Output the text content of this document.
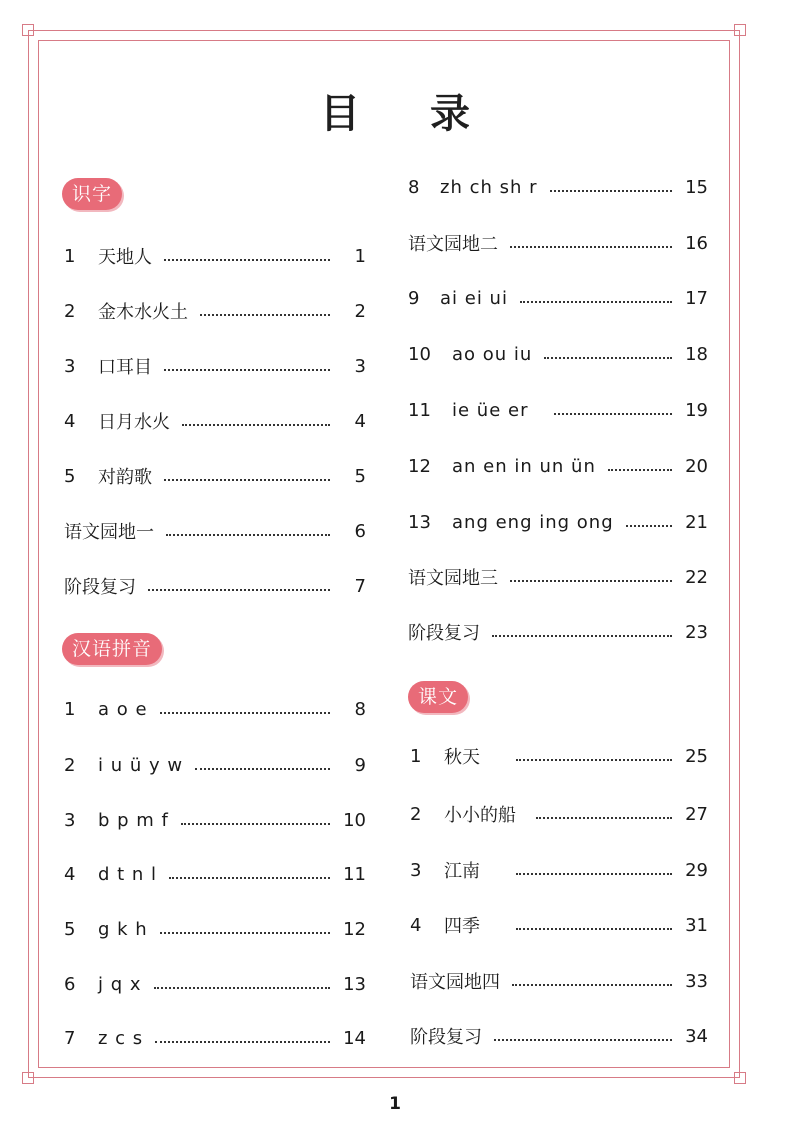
目 录
识字
1	天地人	1
2	金木水火土	2
3	口耳目	3
4	日月水火	4
5	对韵歌	5
语文园地一	6
阶段复习	7
汉语拼音
1	a o e	8
2	i u ü y w	9
3	b p m f	10
4	d t n l	11
5	g k h	12
6	j q x	13
7	z c s	14
8	zh ch sh r	15
语文园地二	16
9	ai ei ui	17
10	ao ou iu	18
11	ie üe er	19
12	an en in un ün	20
13	ang eng ing ong	21
语文园地三	22
阶段复习	23
课文
1	秋天	25
2	小小的船	27
3	江南	29
4	四季	31
语文园地四	33
阶段复习	34
1
